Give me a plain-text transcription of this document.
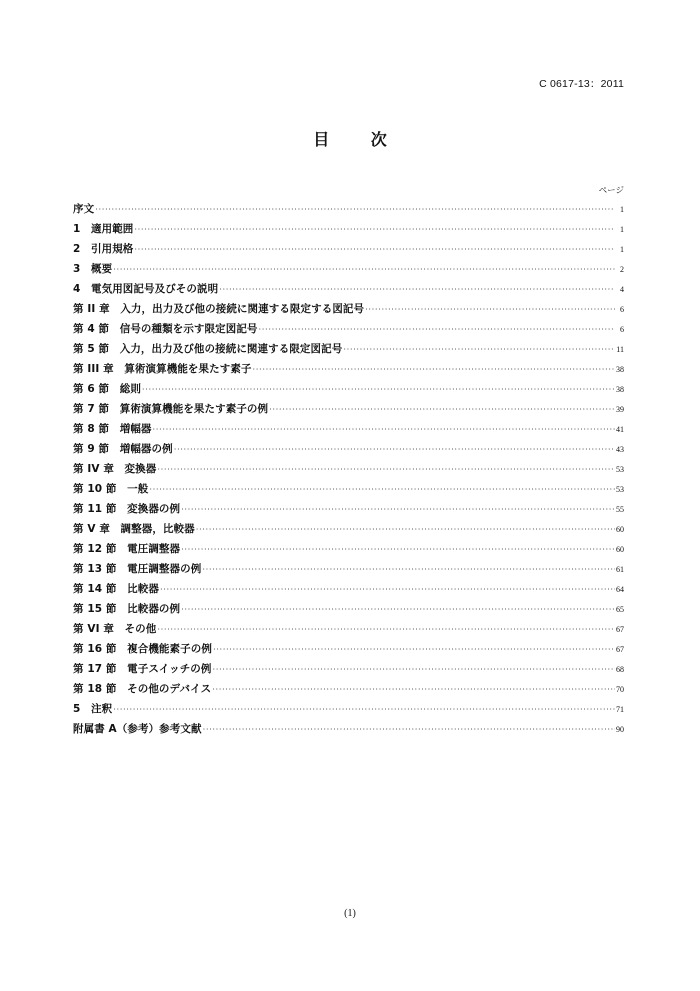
C 0617-13：2011
目 次
ページ
序文 ·····	1
1　適用範囲 ·····	1
2　引用規格 ·····	1
3　概要 ·····	2
4　電気用図記号及びその説明 ·····	4
第 II 章　入力，出力及び他の接続に関連する限定する図記号 ·····	6
第 4 節　信号の種類を示す限定図記号 ·····	6
第 5 節　入力，出力及び他の接続に関連する限定図記号 ·····	11
第 III 章　算術演算機能を果たす素子 ·····	38
第 6 節　総則 ·····	38
第 7 節　算術演算機能を果たす素子の例 ·····	39
第 8 節　増幅器 ·····	41
第 9 節　増幅器の例 ·····	43
第 IV 章　変換器 ·····	53
第 10 節　一般 ·····	53
第 11 節　変換器の例 ·····	55
第 V 章　調整器，比較器 ·····	60
第 12 節　電圧調整器 ·····	60
第 13 節　電圧調整器の例 ·····	61
第 14 節　比較器 ·····	64
第 15 節　比較器の例 ·····	65
第 VI 章　その他 ·····	67
第 16 節　複合機能素子の例 ·····	67
第 17 節　電子スイッチの例 ·····	68
第 18 節　その他のデバイス ·····	70
5　注釈 ·····	71
附属書 A（参考）参考文献 ·····	90
(1)
